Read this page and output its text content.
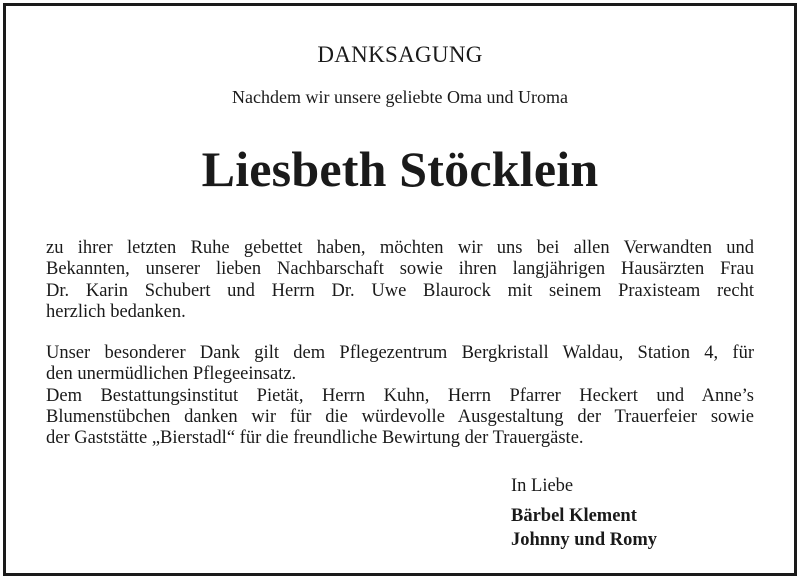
DANKSAGUNG
Nachdem wir unsere geliebte Oma und Uroma
Liesbeth Stöcklein
zu ihrer letzten Ruhe gebettet haben, möchten wir uns bei allen Verwandten und
Bekannten, unserer lieben Nachbarschaft sowie ihren langjährigen Hausärzten Frau
Dr. Karin Schubert und Herrn Dr. Uwe Blaurock mit seinem Praxisteam recht
herzlich bedanken.
Unser besonderer Dank gilt dem Pflegezentrum Bergkristall Waldau, Station 4, für
den unermüdlichen Pflegeeinsatz.
Dem Bestattungsinstitut Pietät, Herrn Kuhn, Herrn Pfarrer Heckert und Anne’s
Blumenstübchen danken wir für die würdevolle Ausgestaltung der Trauerfeier sowie
der Gaststätte „Bierstadl“ für die freundliche Bewirtung der Trauergäste.
In Liebe
Bärbel Klement
Johnny und Romy
